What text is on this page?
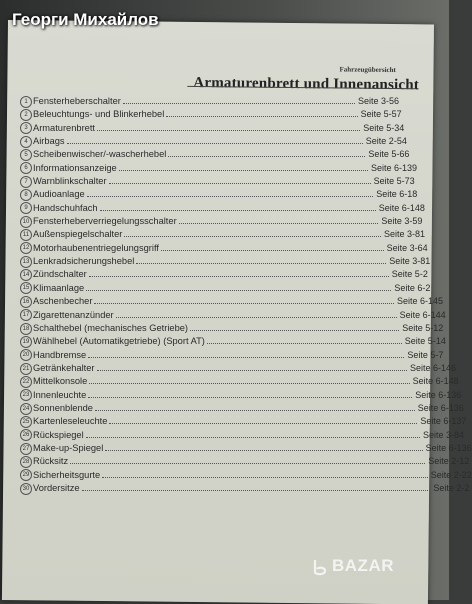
Fahrzeugübersicht
Armaturenbrett und Innenansicht
1 Fensterheberschalter	Seite 3-56
2 Beleuchtungs- und Blinkerhebel	Seite 5-57
3 Armaturenbrett	Seite 5-34
4 Airbags	Seite 2-54
5 Scheibenwischer/-wascherhebel	Seite 5-66
6 Informationsanzeige	Seite 6-139
7 Warnblinkschalter	Seite 5-73
8 Audioanlage	Seite 6-18
9 Handschuhfach	Seite 6-148
10 Fensterheberverriegelungsschalter	Seite 3-59
11 Außenspiegelschalter	Seite 3-81
12 Motorhaubenentriegelungsgriff	Seite 3-64
13 Lenkradsicherungshebel	Seite 3-81
14 Zündschalter	Seite 5-2
15 Klimaanlage	Seite 6-2
16 Aschenbecher	Seite 6-145
17 Zigarettenanzünder	Seite 6-144
18 Schalthebel (mechanisches Getriebe)	Seite 5-12
19 Wählhebel (Automatikgetriebe) (Sport AT)	Seite 5-14
20 Handbremse	Seite 5-7
21 Getränkehalter	Seite 6-146
22 Mittelkonsole	Seite 6-148
23 Innenleuchte	Seite 6-136
24 Sonnenblende	Seite 6-136
25 Kartenleseleuchte	Seite 6-137
26 Rückspiegel	Seite 3-84
27 Make-up-Spiegel	Seite 6-136
28 Rücksitz	Seite 2-12
29 Sicherheitsgurte	Seite 2-22
30 Vordersitze	Seite 2-2
Георги Михайлов
BAZAR
